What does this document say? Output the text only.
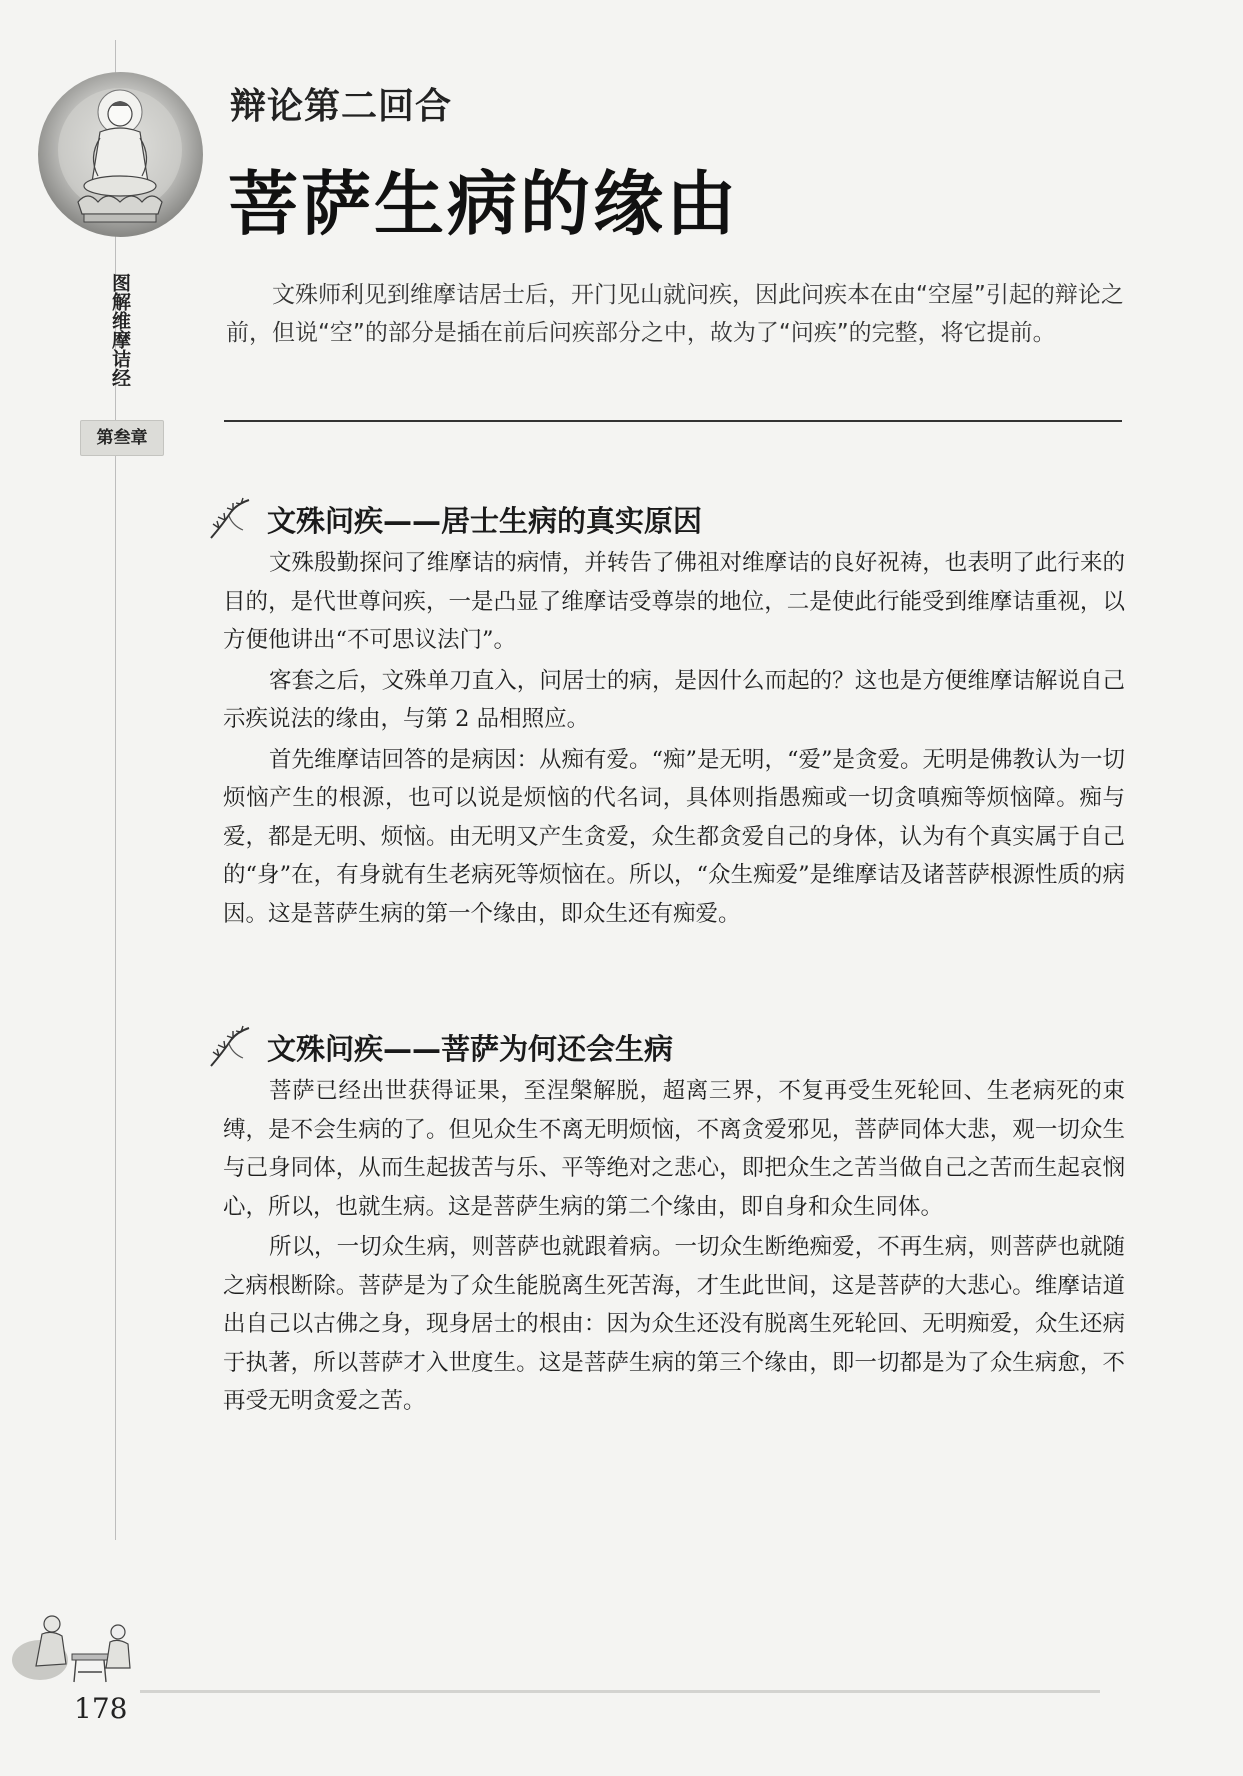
图解维摩诘经
第叁章
辩论第二回合
菩萨生病的缘由
文殊师利见到维摩诘居士后，开门见山就问疾，因此问疾本在由“空屋”引起的辩论之前，但说“空”的部分是插在前后问疾部分之中，故为了“问疾”的完整，将它提前。
文殊问疾——居士生病的真实原因

文殊殷勤探问了维摩诘的病情，并转告了佛祖对维摩诘的良好祝祷，也表明了此行来的目的，是代世尊问疾，一是凸显了维摩诘受尊崇的地位，二是使此行能受到维摩诘重视，以方便他讲出“不可思议法门”。

客套之后，文殊单刀直入，问居士的病，是因什么而起的？这也是方便维摩诘解说自己示疾说法的缘由，与第 2 品相照应。

首先维摩诘回答的是病因：从痴有爱。“痴”是无明，“爱”是贪爱。无明是佛教认为一切烦恼产生的根源，也可以说是烦恼的代名词，具体则指愚痴或一切贪嗔痴等烦恼障。痴与爱，都是无明、烦恼。由无明又产生贪爱，众生都贪爱自己的身体，认为有个真实属于自己的“身”在，有身就有生老病死等烦恼在。所以，“众生痴爱”是维摩诘及诸菩萨根源性质的病因。这是菩萨生病的第一个缘由，即众生还有痴爱。

文殊问疾——菩萨为何还会生病

菩萨已经出世获得证果，至涅槃解脱，超离三界，不复再受生死轮回、生老病死的束缚，是不会生病的了。但见众生不离无明烦恼，不离贪爱邪见，菩萨同体大悲，观一切众生与己身同体，从而生起拔苦与乐、平等绝对之悲心，即把众生之苦当做自己之苦而生起哀悯心，所以，也就生病。这是菩萨生病的第二个缘由，即自身和众生同体。

所以，一切众生病，则菩萨也就跟着病。一切众生断绝痴爱，不再生病，则菩萨也就随之病根断除。菩萨是为了众生能脱离生死苦海，才生此世间，这是菩萨的大悲心。维摩诘道出自己以古佛之身，现身居士的根由：因为众生还没有脱离生死轮回、无明痴爱，众生还病于执著，所以菩萨才入世度生。这是菩萨生病的第三个缘由，即一切都是为了众生病愈，不再受无明贪爱之苦。

178
